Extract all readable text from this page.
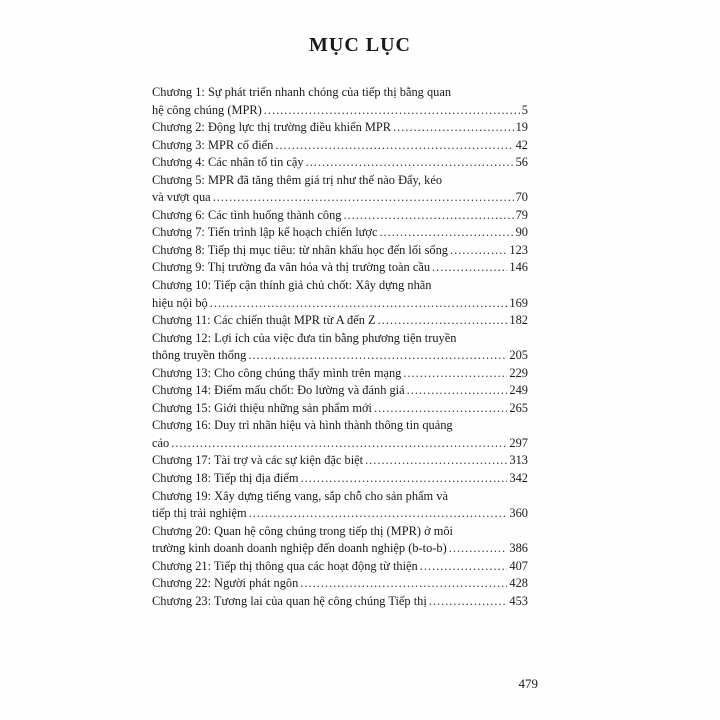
MỤC LỤC
Chương 1: Sự phát triển nhanh chóng của tiếp thị bằng quan
hệ công chúng (MPR) .....	5
Chương 2: Động lực thị trường điều khiển MPR .....	19
Chương 3: MPR cổ điển .....	42
Chương 4: Các nhân tố tin cậy .....	56
Chương 5: MPR đã tăng thêm giá trị như thế nào Đẩy, kéo
và vượt qua .....	70
Chương 6: Các tình huống thành công .....	79
Chương 7: Tiến trình lập kế hoạch chiến lược .....	90
Chương 8: Tiếp thị mục tiêu: từ nhân khẩu học đến lối sống .....	123
Chương 9: Thị trường đa văn hóa và thị trường toàn cầu .....	146
Chương 10: Tiếp cận thính giả chủ chốt: Xây dựng nhãn
hiệu nội bộ .....	169
Chương 11: Các chiến thuật MPR từ A đến Z .....	182
Chương 12: Lợi ích của việc đưa tin bằng phương tiện truyền
thông truyền thống .....	205
Chương 13: Cho công chúng thấy mình trên mạng .....	229
Chương 14: Điểm mấu chốt: Đo lường và đánh giá .....	249
Chương 15: Giới thiệu những sản phẩm mới .....	265
Chương 16: Duy trì nhãn hiệu và hình thành thông tin quảng
cáo .....	297
Chương 17: Tài trợ và các sự kiện đặc biệt .....	313
Chương 18: Tiếp thị địa điểm .....	342
Chương 19: Xây dựng tiếng vang, sắp chỗ cho sản phẩm và
tiếp thị trải nghiệm .....	360
Chương 20: Quan hệ công chúng trong tiếp thị (MPR) ở môi
trường kinh doanh doanh nghiệp đến doanh nghiệp (b-to-b) .....	386
Chương 21: Tiếp thị thông qua các hoạt động từ thiện .....	407
Chương 22: Người phát ngôn .....	428
Chương 23: Tương lai của quan hệ công chúng Tiếp thị .....	453
479
